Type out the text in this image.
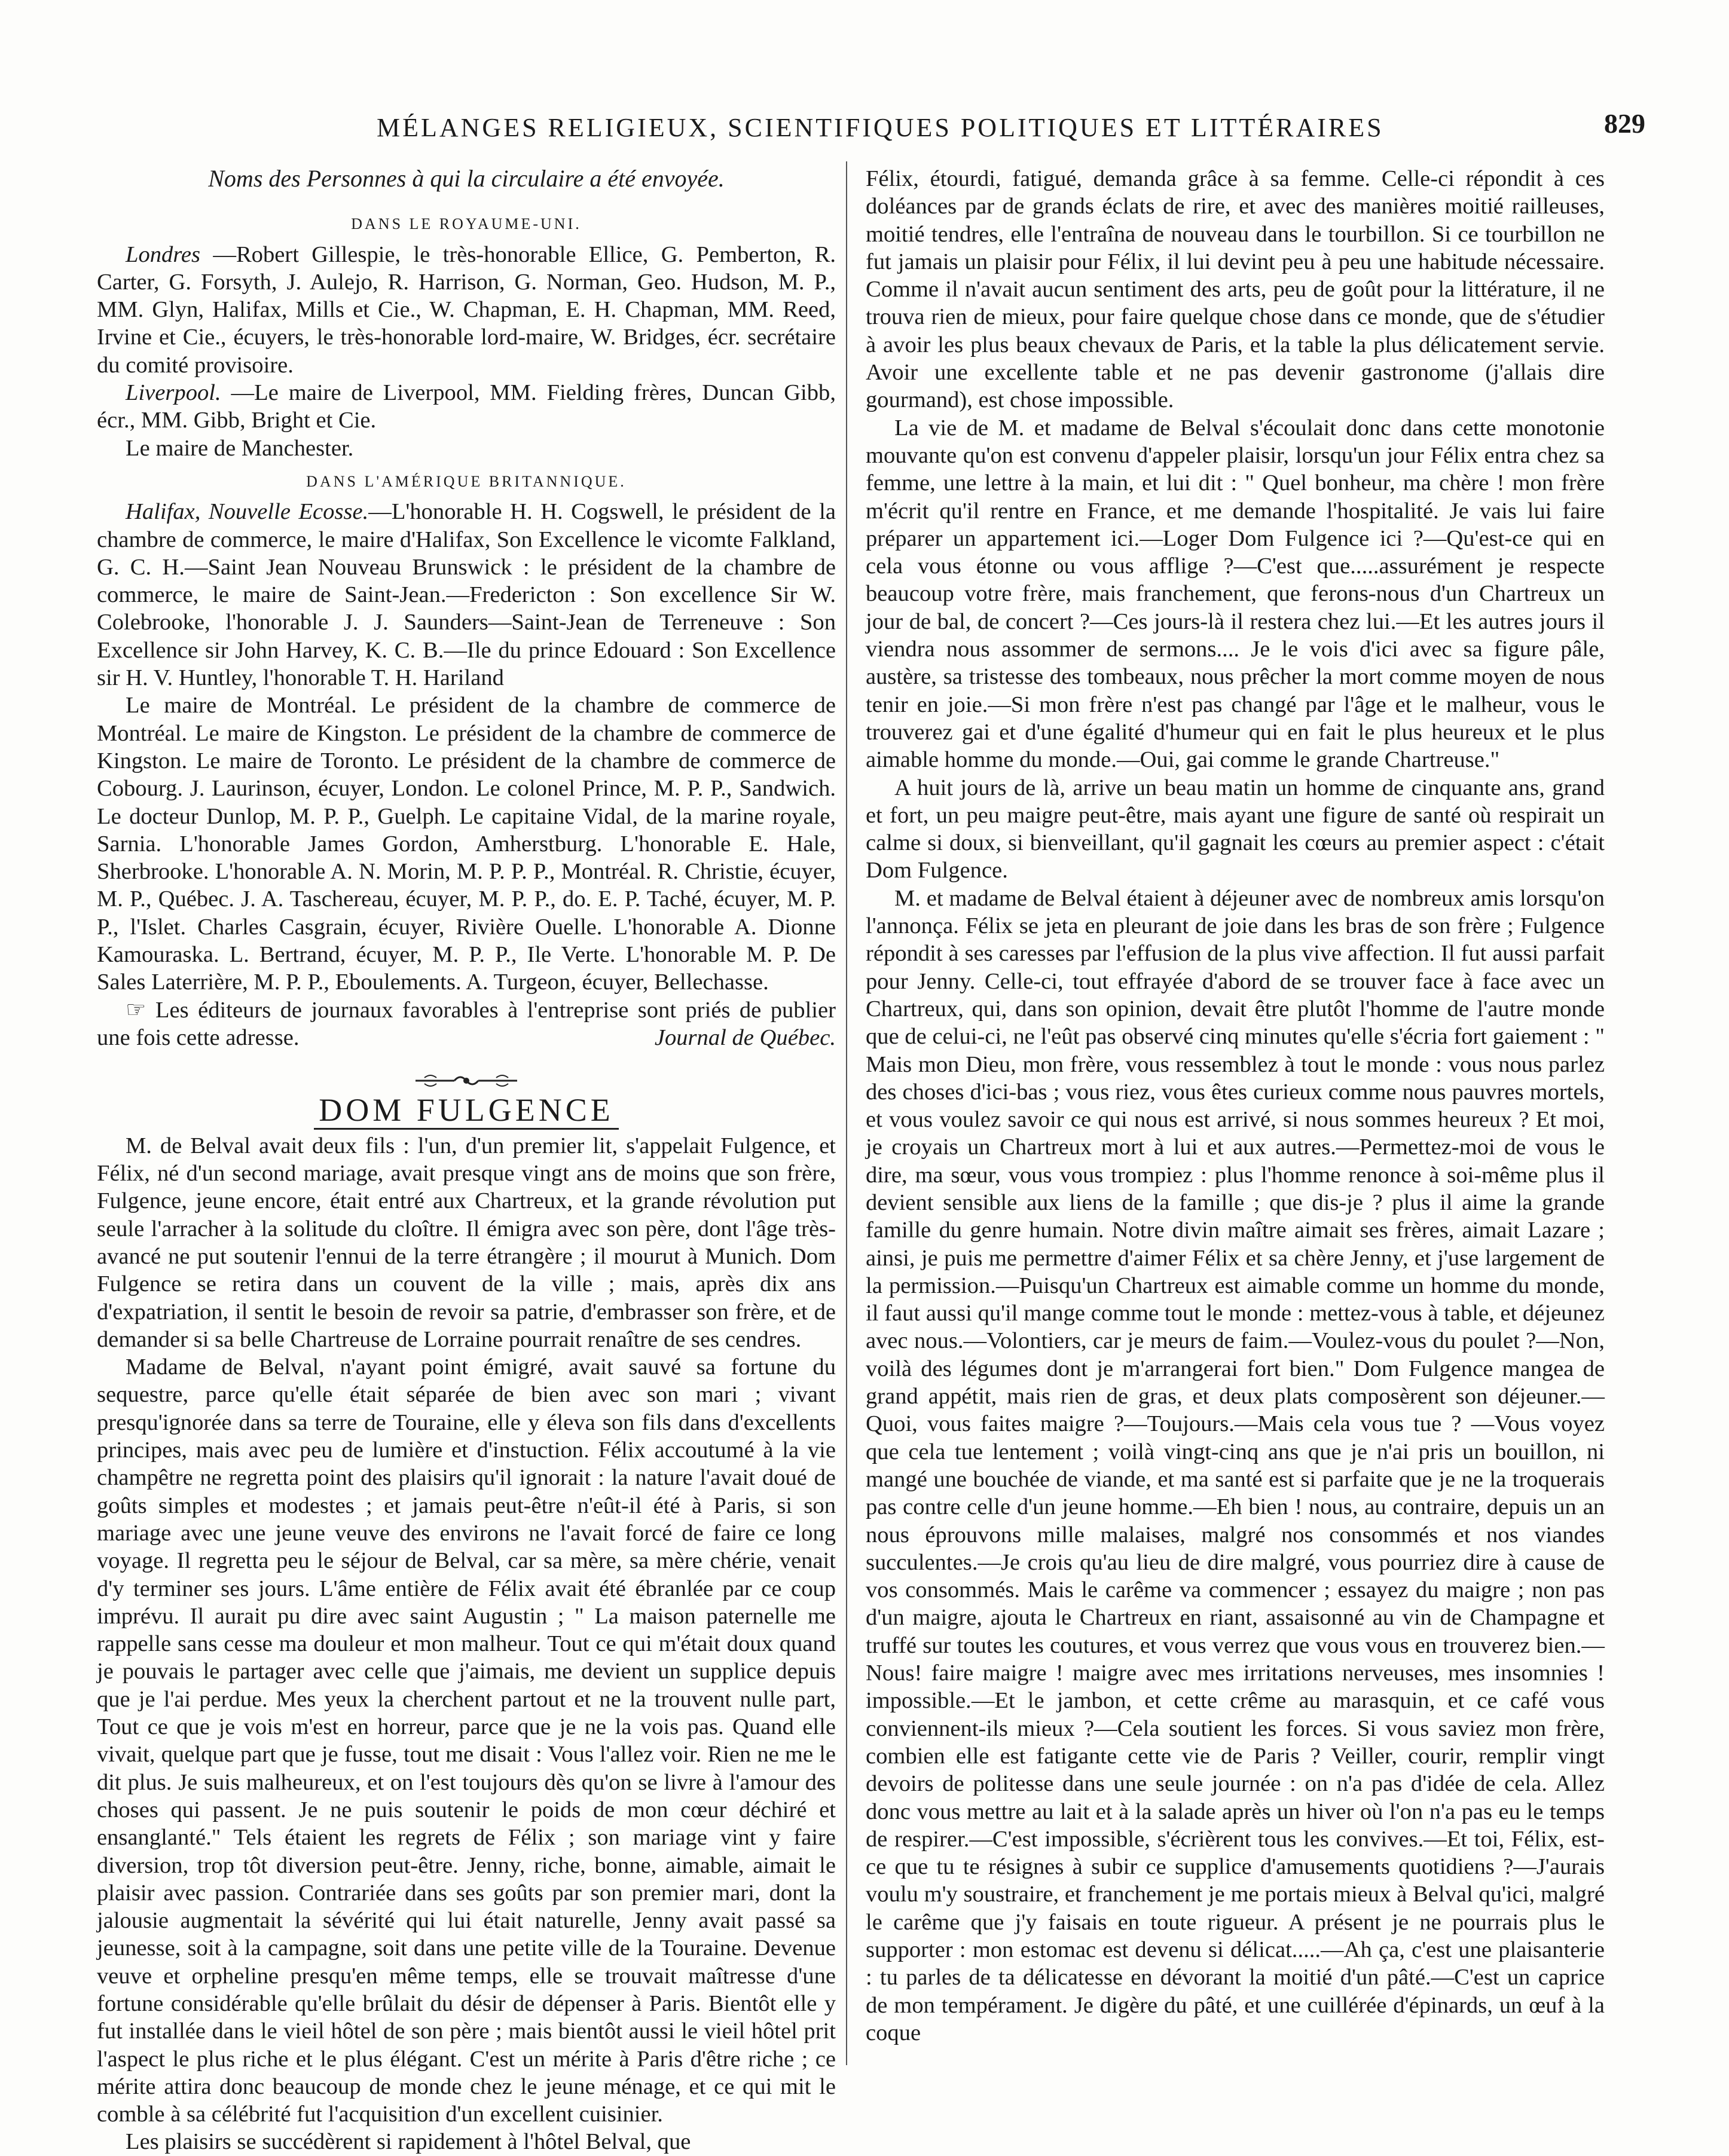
MÉLANGES RELIGIEUX, SCIENTIFIQUES POLITIQUES ET LITTÉRAIRES	829
Noms des Personnes à qui la circulaire a été envoyée.
DANS LE ROYAUME-UNI.

Londres —Robert Gillespie, le très-honorable Ellice, G. Pemberton, R. Carter, G. Forsyth, J. Aulejo, R. Harrison, G. Norman, Geo. Hudson, M. P., MM. Glyn, Halifax, Mills et Cie., W. Chapman, E. H. Chapman, MM. Reed, Irvine et Cie., écuyers, le très-honorable lord-maire, W. Bridges, écr. secrétaire du comité provisoire.

Liverpool. —Le maire de Liverpool, MM. Fielding frères, Duncan Gibb, écr., MM. Gibb, Bright et Cie.

Le maire de Manchester.

DANS L'AMÉRIQUE BRITANNIQUE.

Halifax, Nouvelle Ecosse.—L'honorable H. H. Cogswell, le président de la chambre de commerce, le maire d'Halifax, Son Excellence le vicomte Falkland, G. C. H.—Saint Jean Nouveau Brunswick : le président de la chambre de commerce, le maire de Saint-Jean.—Fredericton : Son excellence Sir W. Colebrooke, l'honorable J. J. Saunders—Saint-Jean de Terreneuve : Son Excellence sir John Harvey, K. C. B.—Ile du prince Edouard : Son Excellence sir H. V. Huntley, l'honorable T. H. Hariland

Le maire de Montréal. Le président de la chambre de commerce de Montréal. Le maire de Kingston. Le président de la chambre de commerce de Kingston. Le maire de Toronto. Le président de la chambre de commerce de Cobourg. J. Laurinson, écuyer, London. Le colonel Prince, M. P. P., Sandwich. Le docteur Dunlop, M. P. P., Guelph. Le capitaine Vidal, de la marine royale, Sarnia. L'honorable James Gordon, Amherstburg. L'honorable E. Hale, Sherbrooke. L'honorable A. N. Morin, M. P. P. P., Montréal. R. Christie, écuyer, M. P., Québec. J. A. Taschereau, écuyer, M. P. P., do. E. P. Taché, écuyer, M. P. P., l'Islet. Charles Casgrain, écuyer, Rivière Ouelle. L'honorable A. Dionne Kamouraska. L. Bertrand, écuyer, M. P. P., Ile Verte. L'honorable M. P. De Sales Laterrière, M. P. P., Eboulements. A. Turgeon, écuyer, Bellechasse.

☞ Les éditeurs de journaux favorables à l'entreprise sont priés de publier une fois cette adresse.	Journal de Québec.

DOM FULGENCE

M. de Belval avait deux fils : l'un, d'un premier lit, s'appelait Fulgence, et Félix, né d'un second mariage, avait presque vingt ans de moins que son frère, Fulgence, jeune encore, était entré aux Chartreux, et la grande révolution put seule l'arracher à la solitude du cloître. Il émigra avec son père, dont l'âge très-avancé ne put soutenir l'ennui de la terre étrangère ; il mourut à Munich. Dom Fulgence se retira dans un couvent de la ville ; mais, après dix ans d'expatriation, il sentit le besoin de revoir sa patrie, d'embrasser son frère, et de demander si sa belle Chartreuse de Lorraine pourrait renaître de ses cendres.

Madame de Belval, n'ayant point émigré, avait sauvé sa fortune du sequestre, parce qu'elle était séparée de bien avec son mari ; vivant presqu'ignorée dans sa terre de Touraine, elle y éleva son fils dans d'excellents principes, mais avec peu de lumière et d'instuction. Félix accoutumé à la vie champêtre ne regretta point des plaisirs qu'il ignorait : la nature l'avait doué de goûts simples et modestes ; et jamais peut-être n'eût-il été à Paris, si son mariage avec une jeune veuve des environs ne l'avait forcé de faire ce long voyage. Il regretta peu le séjour de Belval, car sa mère, sa mère chérie, venait d'y terminer ses jours. L'âme entière de Félix avait été ébranlée par ce coup imprévu. Il aurait pu dire avec saint Augustin ; " La maison paternelle me rappelle sans cesse ma douleur et mon malheur. Tout ce qui m'était doux quand je pouvais le partager avec celle que j'aimais, me devient un supplice depuis que je l'ai perdue. Mes yeux la cherchent partout et ne la trouvent nulle part, Tout ce que je vois m'est en horreur, parce que je ne la vois pas. Quand elle vivait, quelque part que je fusse, tout me disait : Vous l'allez voir. Rien ne me le dit plus. Je suis malheureux, et on l'est toujours dès qu'on se livre à l'amour des choses qui passent. Je ne puis soutenir le poids de mon cœur déchiré et ensanglanté." Tels étaient les regrets de Félix ; son mariage vint y faire diversion, trop tôt diversion peut-être. Jenny, riche, bonne, aimable, aimait le plaisir avec passion. Contrariée dans ses goûts par son premier mari, dont la jalousie augmentait la sévérité qui lui était naturelle, Jenny avait passé sa jeunesse, soit à la campagne, soit dans une petite ville de la Touraine. Devenue veuve et orpheline presqu'en même temps, elle se trouvait maîtresse d'une fortune considérable qu'elle brûlait du désir de dépenser à Paris. Bientôt elle y fut installée dans le vieil hôtel de son père ; mais bientôt aussi le vieil hôtel prit l'aspect le plus riche et le plus élégant. C'est un mérite à Paris d'être riche ; ce mérite attira donc beaucoup de monde chez le jeune ménage, et ce qui mit le comble à sa célébrité fut l'acquisition d'un excellent cuisinier.

Les plaisirs se succédèrent si rapidement à l'hôtel Belval, que

Félix, étourdi, fatigué, demanda grâce à sa femme. Celle-ci répondit à ces doléances par de grands éclats de rire, et avec des manières moitié railleuses, moitié tendres, elle l'entraîna de nouveau dans le tourbillon. Si ce tourbillon ne fut jamais un plaisir pour Félix, il lui devint peu à peu une habitude nécessaire. Comme il n'avait aucun sentiment des arts, peu de goût pour la littérature, il ne trouva rien de mieux, pour faire quelque chose dans ce monde, que de s'étudier à avoir les plus beaux chevaux de Paris, et la table la plus délicatement servie. Avoir une excellente table et ne pas devenir gastronome (j'allais dire gourmand), est chose impossible.

La vie de M. et madame de Belval s'écoulait donc dans cette monotonie mouvante qu'on est convenu d'appeler plaisir, lorsqu'un jour Félix entra chez sa femme, une lettre à la main, et lui dit : " Quel bonheur, ma chère ! mon frère m'écrit qu'il rentre en France, et me demande l'hospitalité. Je vais lui faire préparer un appartement ici.—Loger Dom Fulgence ici ?—Qu'est-ce qui en cela vous étonne ou vous afflige ?—C'est que.....assurément je respecte beaucoup votre frère, mais franchement, que ferons-nous d'un Chartreux un jour de bal, de concert ?—Ces jours-là il restera chez lui.—Et les autres jours il viendra nous assommer de sermons.... Je le vois d'ici avec sa figure pâle, austère, sa tristesse des tombeaux, nous prêcher la mort comme moyen de nous tenir en joie.—Si mon frère n'est pas changé par l'âge et le malheur, vous le trouverez gai et d'une égalité d'humeur qui en fait le plus heureux et le plus aimable homme du monde.—Oui, gai comme le grande Chartreuse."

A huit jours de là, arrive un beau matin un homme de cinquante ans, grand et fort, un peu maigre peut-être, mais ayant une figure de santé où respirait un calme si doux, si bienveillant, qu'il gagnait les cœurs au premier aspect : c'était Dom Fulgence.

M. et madame de Belval étaient à déjeuner avec de nombreux amis lorsqu'on l'annonça. Félix se jeta en pleurant de joie dans les bras de son frère ; Fulgence répondit à ses caresses par l'effusion de la plus vive affection. Il fut aussi parfait pour Jenny. Celle-ci, tout effrayée d'abord de se trouver face à face avec un Chartreux, qui, dans son opinion, devait être plutôt l'homme de l'autre monde que de celui-ci, ne l'eût pas observé cinq minutes qu'elle s'écria fort gaiement : " Mais mon Dieu, mon frère, vous ressemblez à tout le monde : vous nous parlez des choses d'ici-bas ; vous riez, vous êtes curieux comme nous pauvres mortels, et vous voulez savoir ce qui nous est arrivé, si nous sommes heureux ? Et moi, je croyais un Chartreux mort à lui et aux autres.—Permettez-moi de vous le dire, ma sœur, vous vous trompiez : plus l'homme renonce à soi-même plus il devient sensible aux liens de la famille ; que dis-je ? plus il aime la grande famille du genre humain. Notre divin maître aimait ses frères, aimait Lazare ; ainsi, je puis me permettre d'aimer Félix et sa chère Jenny, et j'use largement de la permission.—Puisqu'un Chartreux est aimable comme un homme du monde, il faut aussi qu'il mange comme tout le monde : mettez-vous à table, et déjeunez avec nous.—Volontiers, car je meurs de faim.—Voulez-vous du poulet ?—Non, voilà des légumes dont je m'arrangerai fort bien." Dom Fulgence mangea de grand appétit, mais rien de gras, et deux plats composèrent son déjeuner.—Quoi, vous faites maigre ?—Toujours.—Mais cela vous tue ? —Vous voyez que cela tue lentement ; voilà vingt-cinq ans que je n'ai pris un bouillon, ni mangé une bouchée de viande, et ma santé est si parfaite que je ne la troquerais pas contre celle d'un jeune homme.—Eh bien ! nous, au contraire, depuis un an nous éprouvons mille malaises, malgré nos consommés et nos viandes succulentes.—Je crois qu'au lieu de dire malgré, vous pourriez dire à cause de vos consommés. Mais le carême va commencer ; essayez du maigre ; non pas d'un maigre, ajouta le Chartreux en riant, assaisonné au vin de Champagne et truffé sur toutes les coutures, et vous verrez que vous vous en trouverez bien.—Nous! faire maigre ! maigre avec mes irritations nerveuses, mes insomnies ! impossible.—Et le jambon, et cette crême au marasquin, et ce café vous conviennent-ils mieux ?—Cela soutient les forces. Si vous saviez mon frère, combien elle est fatigante cette vie de Paris ? Veiller, courir, remplir vingt devoirs de politesse dans une seule journée : on n'a pas d'idée de cela. Allez donc vous mettre au lait et à la salade après un hiver où l'on n'a pas eu le temps de respirer.—C'est impossible, s'écrièrent tous les convives.—Et toi, Félix, est-ce que tu te résignes à subir ce supplice d'amusements quotidiens ?—J'aurais voulu m'y soustraire, et franchement je me portais mieux à Belval qu'ici, malgré le carême que j'y faisais en toute rigueur. A présent je ne pourrais plus le supporter : mon estomac est devenu si délicat.....—Ah ça, c'est une plaisanterie : tu parles de ta délicatesse en dévorant la moitié d'un pâté.—C'est un caprice de mon tempérament. Je digère du pâté, et une cuillérée d'épinards, un œuf à la coque
